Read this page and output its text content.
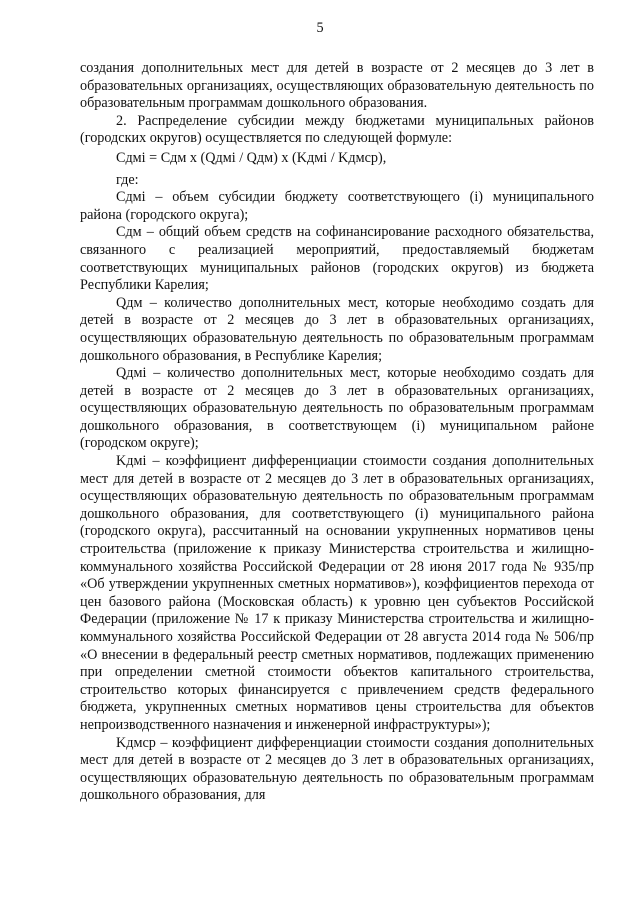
5

создания дополнительных мест для детей в возрасте от 2 месяцев до 3 лет в образовательных организациях, осуществляющих образовательную деятельность по образовательным программам дошкольного образования.

2. Распределение субсидии между бюджетами муниципальных районов (городских округов) осуществляется по следующей формуле:

Сдмi = Сдм x (Qдмi / Qдм) x (Kдмi / Kдмср),

где:

Сдмi – объем субсидии бюджету соответствующего (i) муниципального района (городского округа);

Сдм – общий объем средств на софинансирование расходного обязательства, связанного с реализацией мероприятий, предоставляемый бюджетам соответствующих муниципальных районов (городских округов) из бюджета Республики Карелия;

Qдм – количество дополнительных мест, которые необходимо создать для детей в возрасте от 2 месяцев до 3 лет в образовательных организациях, осуществляющих образовательную деятельность по образовательным программам дошкольного образования, в Республике Карелия;

Qдмi – количество дополнительных мест, которые необходимо создать для детей в возрасте от 2 месяцев до 3 лет в образовательных организациях, осуществляющих образовательную деятельность по образовательным программам дошкольного образования, в соответствующем (i) муниципальном районе (городском округе);

Kдмi – коэффициент дифференциации стоимости создания дополнительных мест для детей в возрасте от 2 месяцев до 3 лет в образовательных организациях, осуществляющих образовательную деятельность по образовательным программам дошкольного образования, для соответствующего (i) муниципального района (городского округа), рассчитанный на основании укрупненных нормативов цены строительства (приложение к приказу Министерства строительства и жилищно-коммунального хозяйства Российской Федерации от 28 июня 2017 года № 935/пр «Об утверждении укрупненных сметных нормативов»), коэффициентов перехода от цен базового района (Московская область) к уровню цен субъектов Российской Федерации (приложение № 17 к приказу Министерства строительства и жилищно-коммунального хозяйства Российской Федерации от 28 августа 2014 года № 506/пр «О внесении в федеральный реестр сметных нормативов, подлежащих применению при определении сметной стоимости объектов капитального строительства, строительство которых финансируется с привлечением средств федерального бюджета, укрупненных сметных нормативов цены строительства для объектов непроизводственного назначения и инженерной инфраструктуры»);

Kдмср – коэффициент дифференциации стоимости создания дополнительных мест для детей в возрасте от 2 месяцев до 3 лет в образовательных организациях, осуществляющих образовательную деятельность по образовательным программам дошкольного образования, для
